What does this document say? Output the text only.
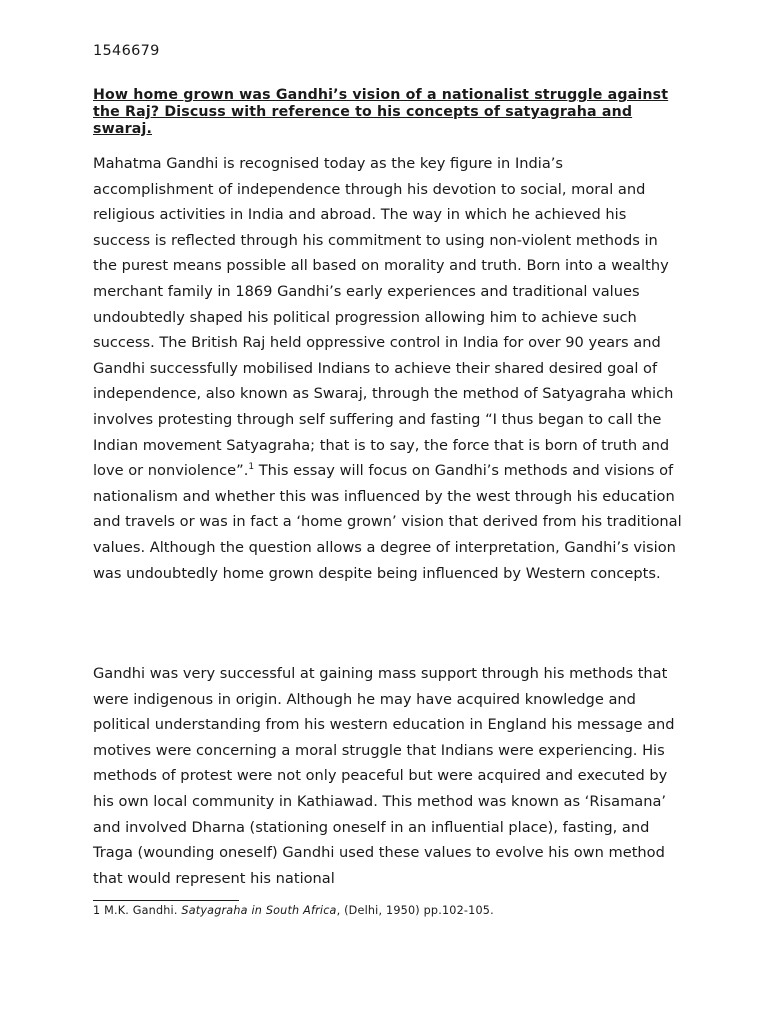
1546679
How home grown was Gandhi’s vision of a nationalist struggle against the Raj? Discuss with reference to his concepts of satyagraha and swaraj.

Mahatma Gandhi is recognised today as the key figure in India’s accomplishment of independence through his devotion to social, moral and religious activities in India and abroad. The way in which he achieved his success is reflected through his commitment to using non-violent methods in the purest means possible all based on morality and truth. Born into a wealthy merchant family in 1869 Gandhi’s early experiences and traditional values undoubtedly shaped his political progression allowing him to achieve such success. The British Raj held oppressive control in India for over 90 years and Gandhi successfully mobilised Indians to achieve their shared desired goal of independence, also known as Swaraj, through the method of Satyagraha which involves protesting through self suffering and fasting “I thus began to call the Indian movement Satyagraha; that is to say, the force that is born of truth and love or nonviolence”.$^1$ This essay will focus on Gandhi’s methods and visions of nationalism and whether this was influenced by the west through his education and travels or was in fact a ‘home grown’ vision that derived from his traditional values. Although the question allows a degree of interpretation, Gandhi’s vision was undoubtedly home grown despite being influenced by Western concepts.

Gandhi was very successful at gaining mass support through his methods that were indigenous in origin. Although he may have acquired knowledge and political understanding from his western education in England his message and motives were concerning a moral struggle that Indians were experiencing. His methods of protest were not only peaceful but were acquired and executed by his own local community in Kathiawad. This method was known as ‘Risamana’ and involved Dharna (stationing oneself in an influential place), fasting, and Traga (wounding oneself) Gandhi used these values to evolve his own method that would represent his national

1 M.K. Gandhi. Satyagraha in South Africa, (Delhi, 1950) pp.102-105.
